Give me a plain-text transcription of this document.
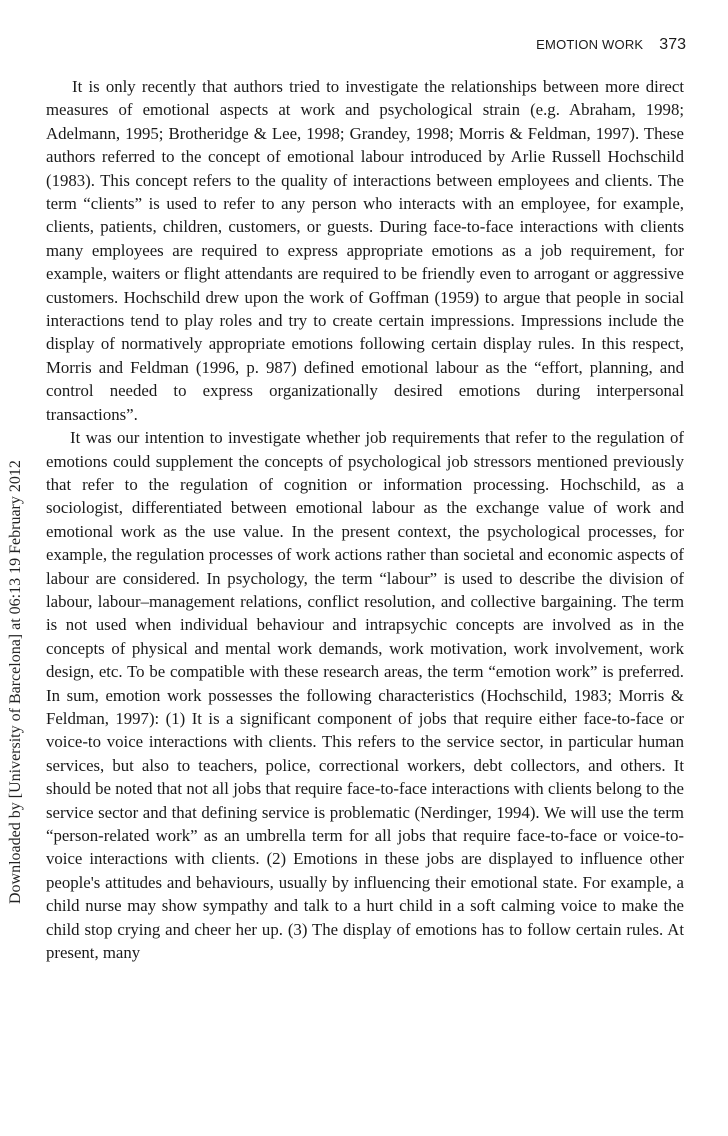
EMOTION WORK 373
Downloaded by [University of Barcelona] at 06:13 19 February 2012

It is only recently that authors tried to investigate the relationships between more direct measures of emotional aspects at work and psychological strain (e.g. Abraham, 1998; Adelmann, 1995; Brotheridge & Lee, 1998; Grandey, 1998; Morris & Feldman, 1997). These authors referred to the concept of emotional labour introduced by Arlie Russell Hochschild (1983). This concept refers to the quality of interactions between employees and clients. The term “clients” is used to refer to any person who interacts with an employee, for example, clients, patients, children, customers, or guests. During face-to-face interactions with clients many employees are required to express appropriate emotions as a job requirement, for example, waiters or flight attendants are required to be friendly even to arrogant or aggressive customers. Hochschild drew upon the work of Goffman (1959) to argue that people in social interactions tend to play roles and try to create certain impressions. Impressions include the display of normatively appropriate emotions following certain display rules. In this respect, Morris and Feldman (1996, p. 987) defined emotional labour as the “effort, planning, and control needed to express organizationally desired emotions during interpersonal transactions”.

It was our intention to investigate whether job requirements that refer to the regulation of emotions could supplement the concepts of psychological job stressors mentioned previously that refer to the regulation of cognition or information processing. Hochschild, as a sociologist, differentiated between emotional labour as the exchange value of work and emotional work as the use value. In the present context, the psychological processes, for example, the regulation processes of work actions rather than societal and economic aspects of labour are considered. In psychology, the term “labour” is used to describe the division of labour, labour–management relations, conflict resolution, and collective bargaining. The term is not used when individual behaviour and intrapsychic concepts are involved as in the concepts of physical and mental work demands, work motivation, work involvement, work design, etc. To be compatible with these research areas, the term “emotion work” is preferred. In sum, emotion work possesses the following characteristics (Hochschild, 1983; Morris & Feldman, 1997): (1) It is a significant component of jobs that require either face-to-face or voice-to voice interactions with clients. This refers to the service sector, in particular human services, but also to teachers, police, correctional workers, debt collectors, and others. It should be noted that not all jobs that require face-to-face interactions with clients belong to the service sector and that defining service is problematic (Nerdinger, 1994). We will use the term “person-related work” as an umbrella term for all jobs that require face-to-face or voice-to-voice interactions with clients. (2) Emotions in these jobs are displayed to influence other people's attitudes and behaviours, usually by influencing their emotional state. For example, a child nurse may show sympathy and talk to a hurt child in a soft calming voice to make the child stop crying and cheer her up. (3) The display of emotions has to follow certain rules. At present, many
